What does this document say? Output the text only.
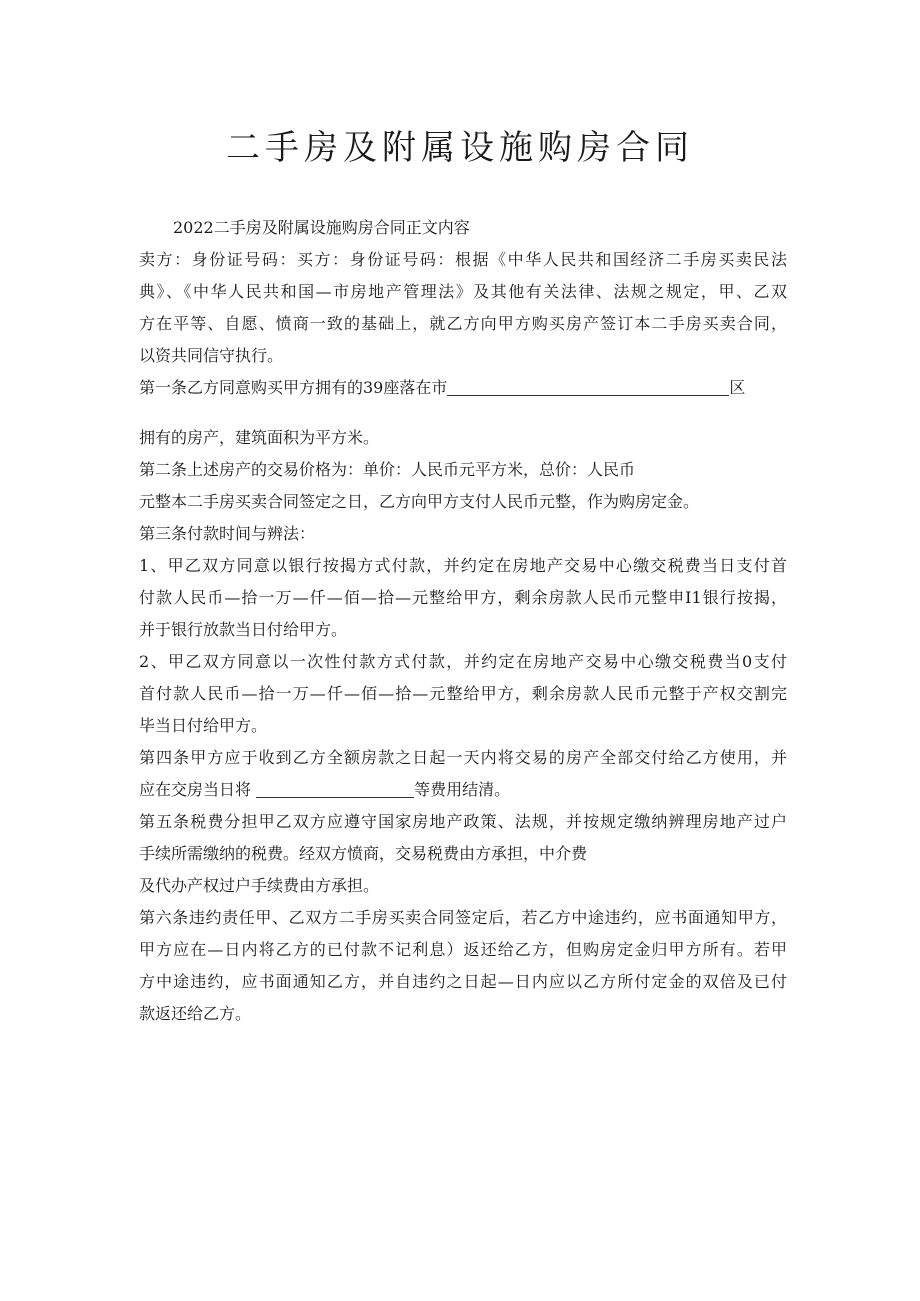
二手房及附属设施购房合同
2022二手房及附属设施购房合同正文内容
卖方：身份证号码：买方：身份证号码：根据《中华人民共和国经济二手房买卖民法
典》、《中华人民共和国—市房地产管理法》及其他有关法律、法规之规定，甲、乙双
方在平等、自愿、愤商一致的基础上，就乙方向甲方购买房产签订本二手房买卖合同，
以资共同信守执行。
第一条乙方同意购买甲方拥有的39座落在市	区
拥有的房产，建筑面积为平方米。
第二条上述房产的交易价格为：单价：人民币元平方米，总价：人民币
元整本二手房买卖合同签定之日，乙方向甲方支付人民币元整，作为购房定金。
第三条付款时间与辨法：
1、甲乙双方同意以银行按揭方式付款，并约定在房地产交易中心缴交税费当日支付首
付款人民币—拾一万—仟—佰—拾—元整给甲方，剩余房款人民币元整申I1银行按揭，
并于银行放款当日付给甲方。
2、甲乙双方同意以一次性付款方式付款，并约定在房地产交易中心缴交税费当0支付
首付款人民币—拾一万—仟—佰—拾—元整给甲方，剩余房款人民币元整于产权交割完
毕当日付给甲方。
第四条甲方应于收到乙方全额房款之日起一天内将交易的房产全部交付给乙方使用，并
应在交房当日将	等费用结清。
第五条税费分担甲乙双方应遵守国家房地产政策、法规，并按规定缴纳辨理房地产过户
手续所需缴纳的税费。经双方愤商，交易税费由方承担，中介费
及代办产权过户手续费由方承担。
第六条违约责任甲、乙双方二手房买卖合同签定后，若乙方中途违约，应书面通知甲方，
甲方应在—日内将乙方的已付款不记利息）返还给乙方，但购房定金归甲方所有。若甲
方中途违约，应书面通知乙方，并自违约之日起—日内应以乙方所付定金的双倍及已付
款返还给乙方。
